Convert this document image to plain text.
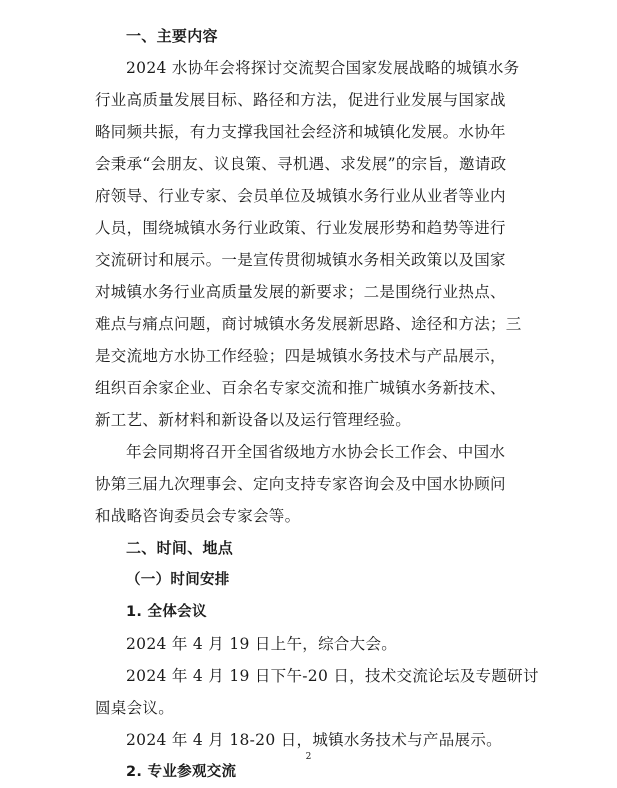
一、主要内容
2024 水协年会将探讨交流契合国家发展战略的城镇水务
行业高质量发展目标、路径和方法，促进行业发展与国家战
略同频共振，有力支撑我国社会经济和城镇化发展。水协年
会秉承“会朋友、议良策、寻机遇、求发展”的宗旨，邀请政
府领导、行业专家、会员单位及城镇水务行业从业者等业内
人员，围绕城镇水务行业政策、行业发展形势和趋势等进行
交流研讨和展示。一是宣传贯彻城镇水务相关政策以及国家
对城镇水务行业高质量发展的新要求；二是围绕行业热点、
难点与痛点问题，商讨城镇水务发展新思路、途径和方法；三
是交流地方水协工作经验；四是城镇水务技术与产品展示，
组织百余家企业、百余名专家交流和推广城镇水务新技术、
新工艺、新材料和新设备以及运行管理经验。
年会同期将召开全国省级地方水协会长工作会、中国水
协第三届九次理事会、定向支持专家咨询会及中国水协顾问
和战略咨询委员会专家会等。
二、时间、地点
（一）时间安排
1. 全体会议
2024 年 4 月 19 日上午，综合大会。
2024 年 4 月 19 日下午-20 日，技术交流论坛及专题研讨
圆桌会议。
2024 年 4 月 18-20 日，城镇水务技术与产品展示。
2. 专业参观交流
2
